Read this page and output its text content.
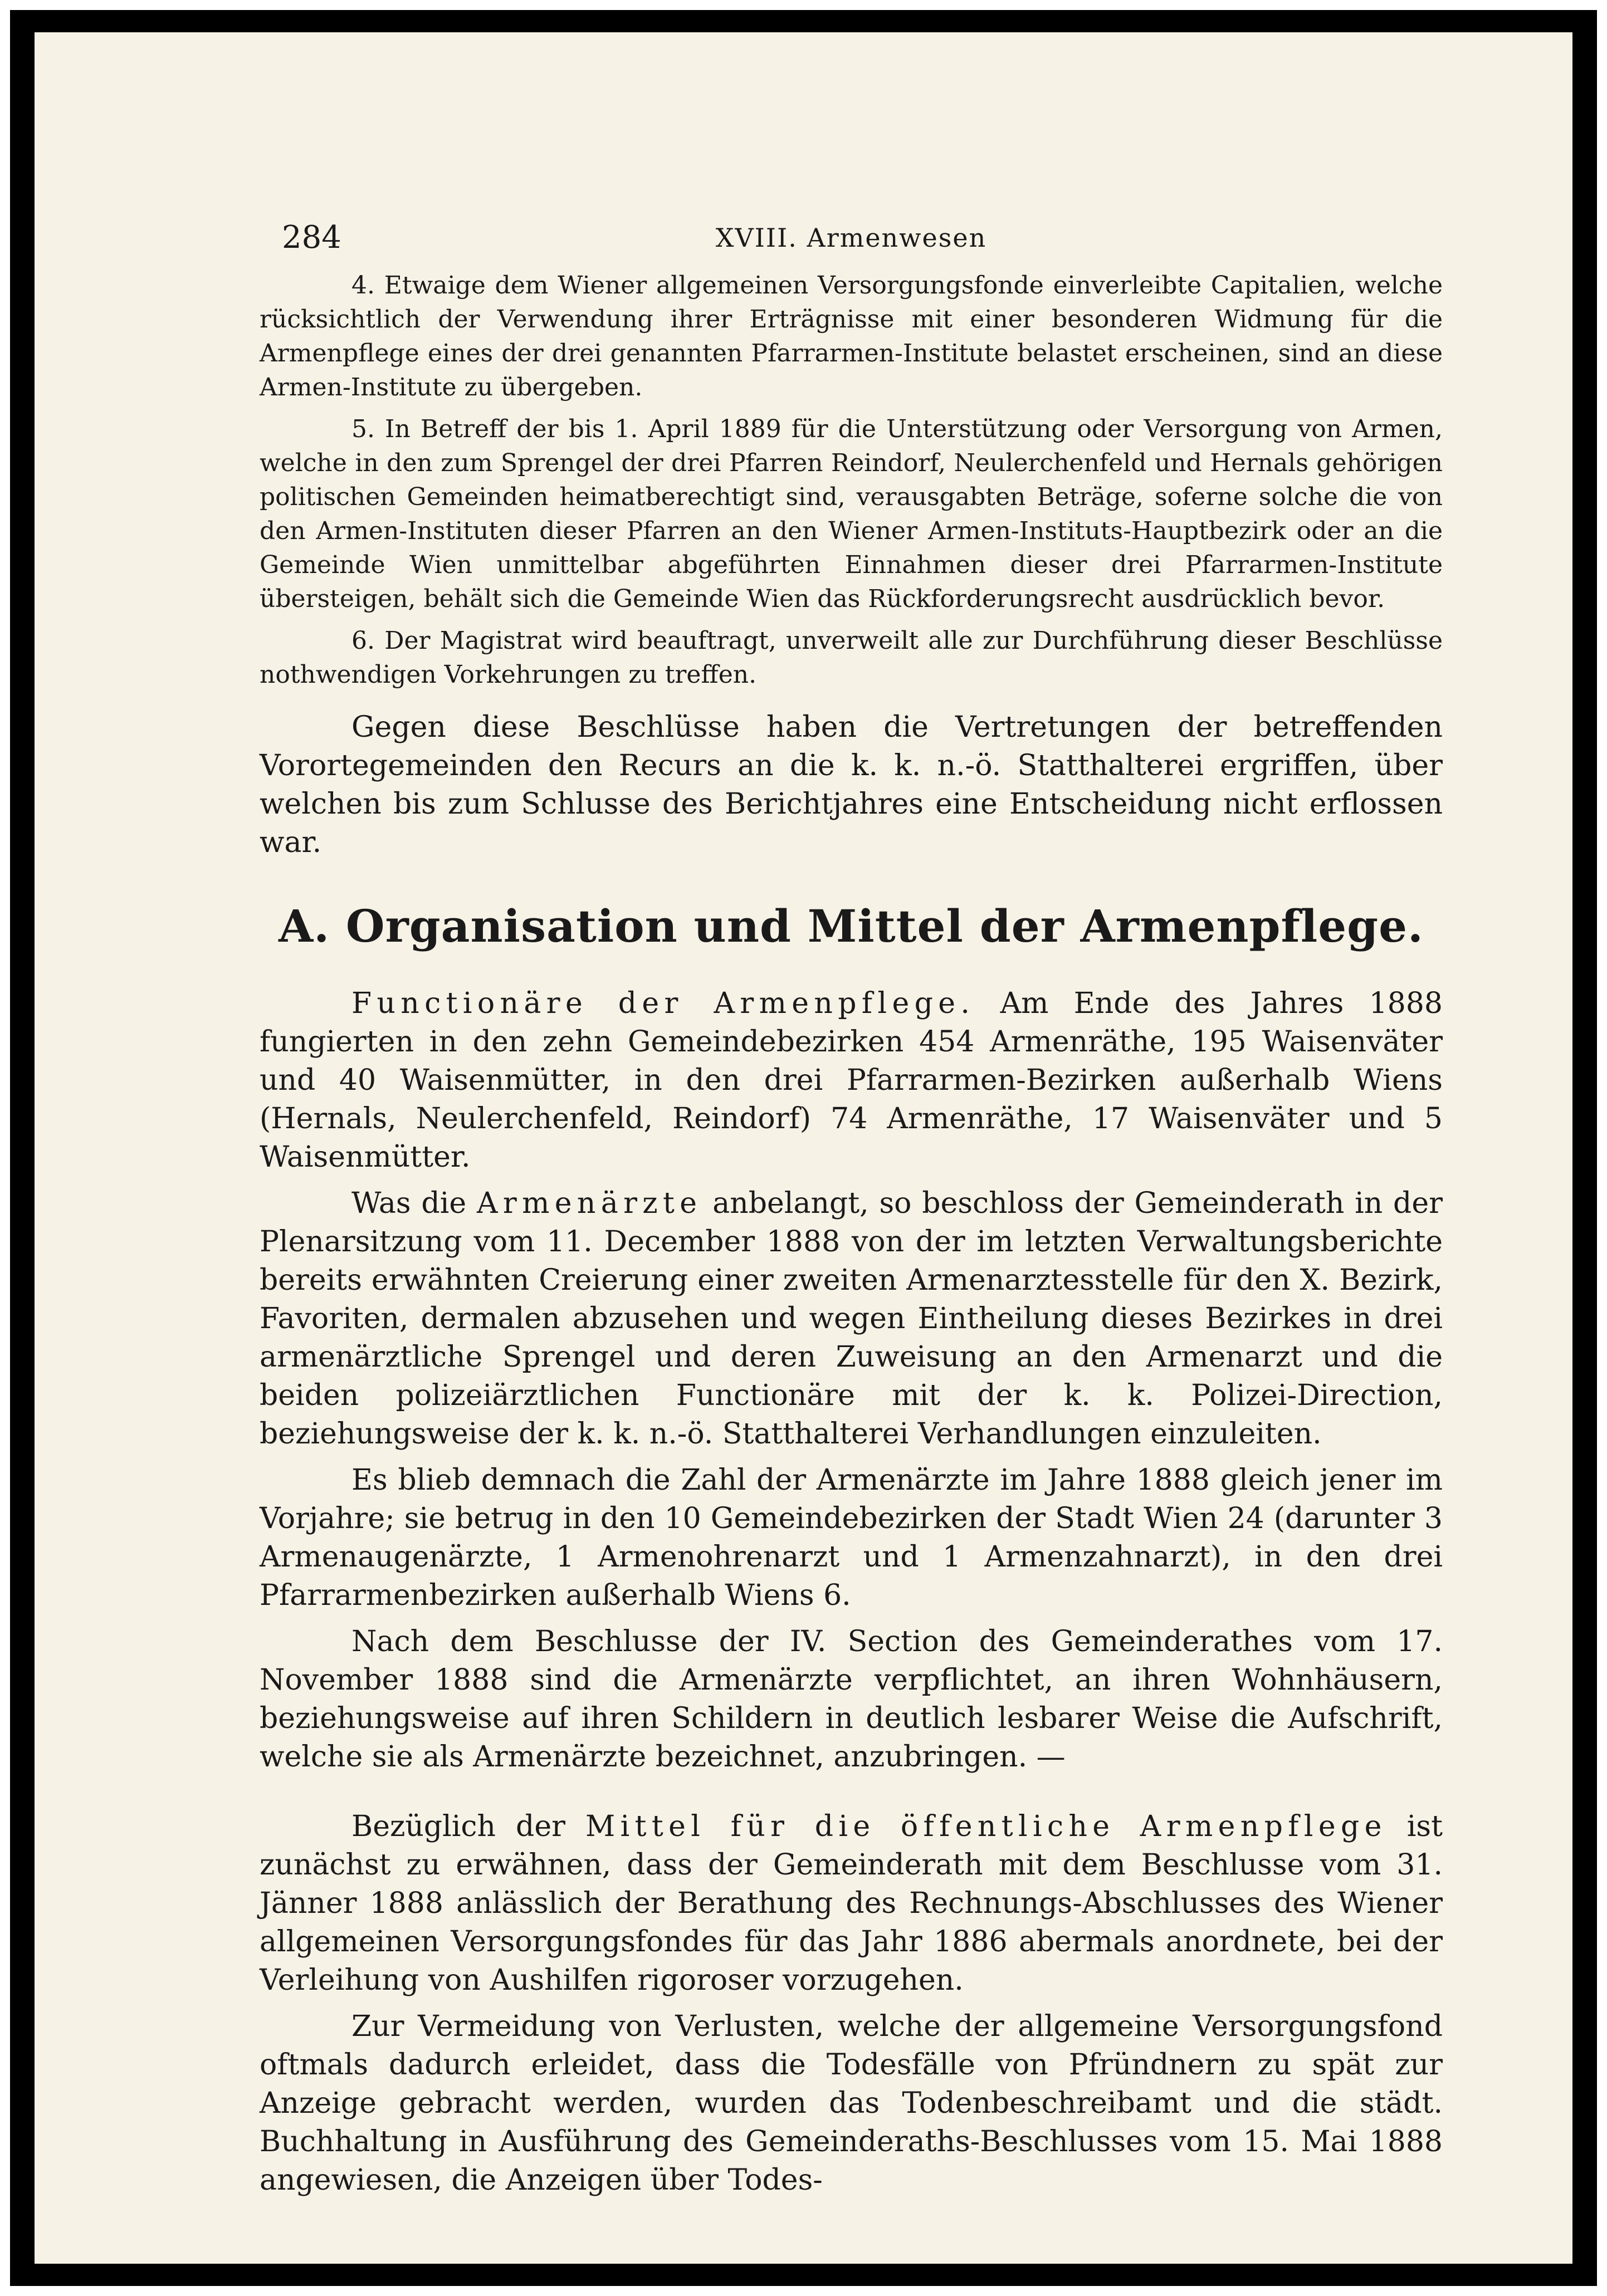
284	XVIII. Armenwesen

4. Etwaige dem Wiener allgemeinen Versorgungsfonde einverleibte Capitalien, welche rücksichtlich der Verwendung ihrer Erträgnisse mit einer besonderen Widmung für die Armenpflege eines der drei genannten Pfarrarmen-Institute belastet erscheinen, sind an diese Armen-Institute zu übergeben.

5. In Betreff der bis 1. April 1889 für die Unterstützung oder Versorgung von Armen, welche in den zum Sprengel der drei Pfarren Reindorf, Neulerchenfeld und Hernals gehörigen politischen Gemeinden heimatberechtigt sind, verausgabten Beträge, soferne solche die von den Armen-Instituten dieser Pfarren an den Wiener Armen-Instituts-Hauptbezirk oder an die Gemeinde Wien unmittelbar abgeführten Einnahmen dieser drei Pfarrarmen-Institute übersteigen, behält sich die Gemeinde Wien das Rückforderungsrecht ausdrücklich bevor.

6. Der Magistrat wird beauftragt, unverweilt alle zur Durchführung dieser Beschlüsse nothwendigen Vorkehrungen zu treffen.

Gegen diese Beschlüsse haben die Vertretungen der betreffenden Vorortegemeinden den Recurs an die k. k. n.-ö. Statthalterei ergriffen, über welchen bis zum Schlusse des Berichtjahres eine Entscheidung nicht erflossen war.

A. Organisation und Mittel der Armenpflege.

Functionäre der Armenpflege. Am Ende des Jahres 1888 fungierten in den zehn Gemeindebezirken 454 Armenräthe, 195 Waisenväter und 40 Waisenmütter, in den drei Pfarrarmen-Bezirken außerhalb Wiens (Hernals, Neulerchenfeld, Reindorf) 74 Armenräthe, 17 Waisenväter und 5 Waisenmütter.

Was die Armenärzte anbelangt, so beschloss der Gemeinderath in der Plenarsitzung vom 11. December 1888 von der im letzten Verwaltungsberichte bereits erwähnten Creierung einer zweiten Armenarztesstelle für den X. Bezirk, Favoriten, dermalen abzusehen und wegen Eintheilung dieses Bezirkes in drei armenärztliche Sprengel und deren Zuweisung an den Armenarzt und die beiden polizeiärztlichen Functionäre mit der k. k. Polizei-Direction, beziehungsweise der k. k. n.-ö. Statthalterei Verhandlungen einzuleiten.

Es blieb demnach die Zahl der Armenärzte im Jahre 1888 gleich jener im Vorjahre; sie betrug in den 10 Gemeindebezirken der Stadt Wien 24 (darunter 3 Armenaugenärzte, 1 Armenohrenarzt und 1 Armenzahnarzt), in den drei Pfarrarmenbezirken außerhalb Wiens 6.

Nach dem Beschlusse der IV. Section des Gemeinderathes vom 17. November 1888 sind die Armenärzte verpflichtet, an ihren Wohnhäusern, beziehungsweise auf ihren Schildern in deutlich lesbarer Weise die Aufschrift, welche sie als Armenärzte bezeichnet, anzubringen. —

Bezüglich der Mittel für die öffentliche Armenpflege ist zunächst zu erwähnen, dass der Gemeinderath mit dem Beschlusse vom 31. Jänner 1888 anlässlich der Berathung des Rechnungs-Abschlusses des Wiener allgemeinen Versorgungsfondes für das Jahr 1886 abermals anordnete, bei der Verleihung von Aushilfen rigoroser vorzugehen.

Zur Vermeidung von Verlusten, welche der allgemeine Versorgungsfond oftmals dadurch erleidet, dass die Todesfälle von Pfründnern zu spät zur Anzeige gebracht werden, wurden das Todenbeschreibamt und die städt. Buchhaltung in Ausführung des Gemeinderaths-Beschlusses vom 15. Mai 1888 angewiesen, die Anzeigen über Todes-
